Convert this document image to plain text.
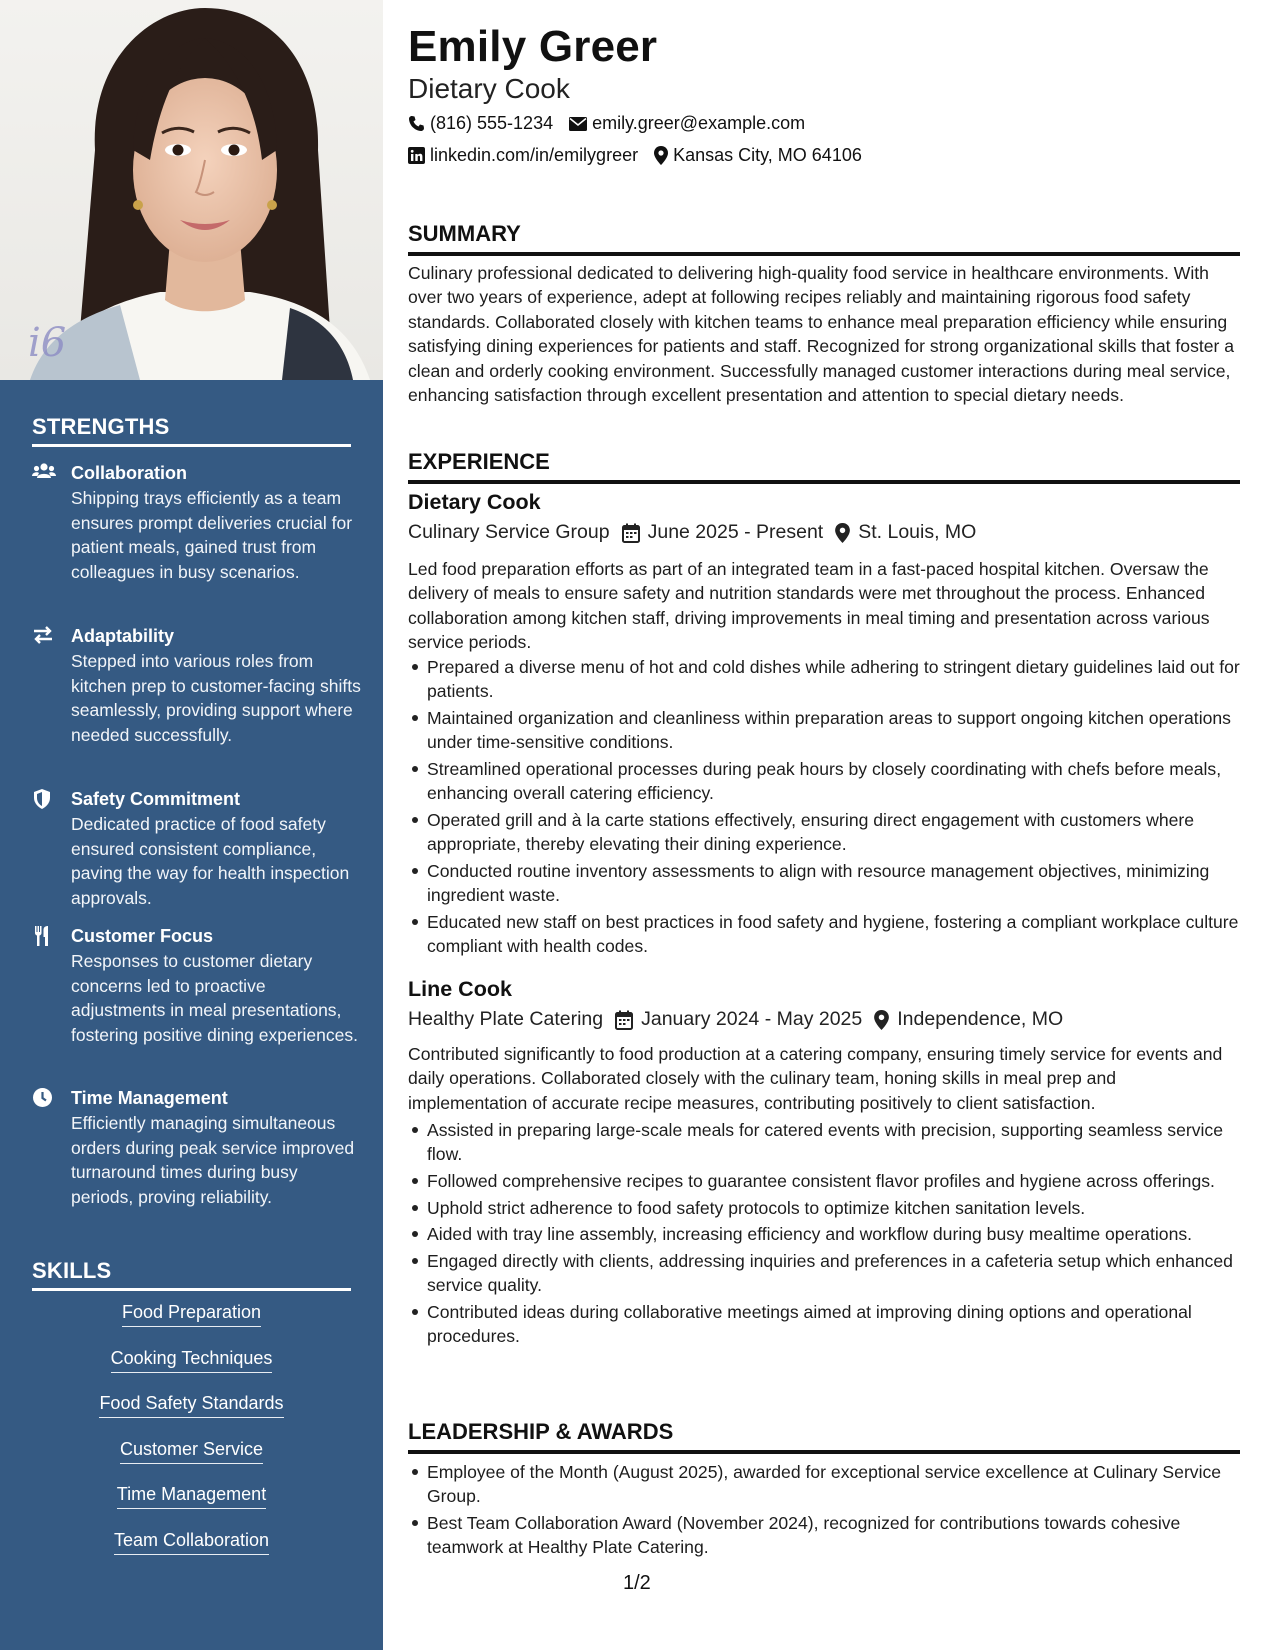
i6
STRENGTHS
Collaboration
Shipping trays efficiently as a team ensures prompt deliveries crucial for patient meals, gained trust from colleagues in busy scenarios.
Adaptability
Stepped into various roles from kitchen prep to customer-facing shifts seamlessly, providing support where needed successfully.
Safety Commitment
Dedicated practice of food safety ensured consistent compliance, paving the way for health inspection approvals.
Customer Focus
Responses to customer dietary concerns led to proactive adjustments in meal presentations, fostering positive dining experiences.
Time Management
Efficiently managing simultaneous orders during peak service improved turnaround times during busy periods, proving reliability.
SKILLS
Food Preparation
Cooking Techniques
Food Safety Standards
Customer Service
Time Management
Team Collaboration
Emily Greer
Dietary Cook
(816) 555-1234 emily.greer@example.com
linkedin.com/in/emilygreer Kansas City, MO 64106
SUMMARY
Culinary professional dedicated to delivering high-quality food service in healthcare environments. With over two years of experience, adept at following recipes reliably and maintaining rigorous food safety standards. Collaborated closely with kitchen teams to enhance meal preparation efficiency while ensuring satisfying dining experiences for patients and staff. Recognized for strong organizational skills that foster a clean and orderly cooking environment. Successfully managed customer interactions during meal service, enhancing satisfaction through excellent presentation and attention to special dietary needs.
EXPERIENCE
Dietary Cook
Culinary Service Group June 2025 - Present St. Louis, MO
Led food preparation efforts as part of an integrated team in a fast-paced hospital kitchen. Oversaw the delivery of meals to ensure safety and nutrition standards were met throughout the process. Enhanced collaboration among kitchen staff, driving improvements in meal timing and presentation across various service periods.
Prepared a diverse menu of hot and cold dishes while adhering to stringent dietary guidelines laid out for patients.
Maintained organization and cleanliness within preparation areas to support ongoing kitchen operations under time-sensitive conditions.
Streamlined operational processes during peak hours by closely coordinating with chefs before meals, enhancing overall catering efficiency.
Operated grill and à la carte stations effectively, ensuring direct engagement with customers where appropriate, thereby elevating their dining experience.
Conducted routine inventory assessments to align with resource management objectives, minimizing ingredient waste.
Educated new staff on best practices in food safety and hygiene, fostering a compliant workplace culture compliant with health codes.
Line Cook
Healthy Plate Catering January 2024 - May 2025 Independence, MO
Contributed significantly to food production at a catering company, ensuring timely service for events and daily operations. Collaborated closely with the culinary team, honing skills in meal prep and implementation of accurate recipe measures, contributing positively to client satisfaction.
Assisted in preparing large-scale meals for catered events with precision, supporting seamless service flow.
Followed comprehensive recipes to guarantee consistent flavor profiles and hygiene across offerings.
Uphold strict adherence to food safety protocols to optimize kitchen sanitation levels.
Aided with tray line assembly, increasing efficiency and workflow during busy mealtime operations.
Engaged directly with clients, addressing inquiries and preferences in a cafeteria setup which enhanced service quality.
Contributed ideas during collaborative meetings aimed at improving dining options and operational procedures.
LEADERSHIP & AWARDS
Employee of the Month (August 2025), awarded for exceptional service excellence at Culinary Service Group.
Best Team Collaboration Award (November 2024), recognized for contributions towards cohesive teamwork at Healthy Plate Catering.
1/2
